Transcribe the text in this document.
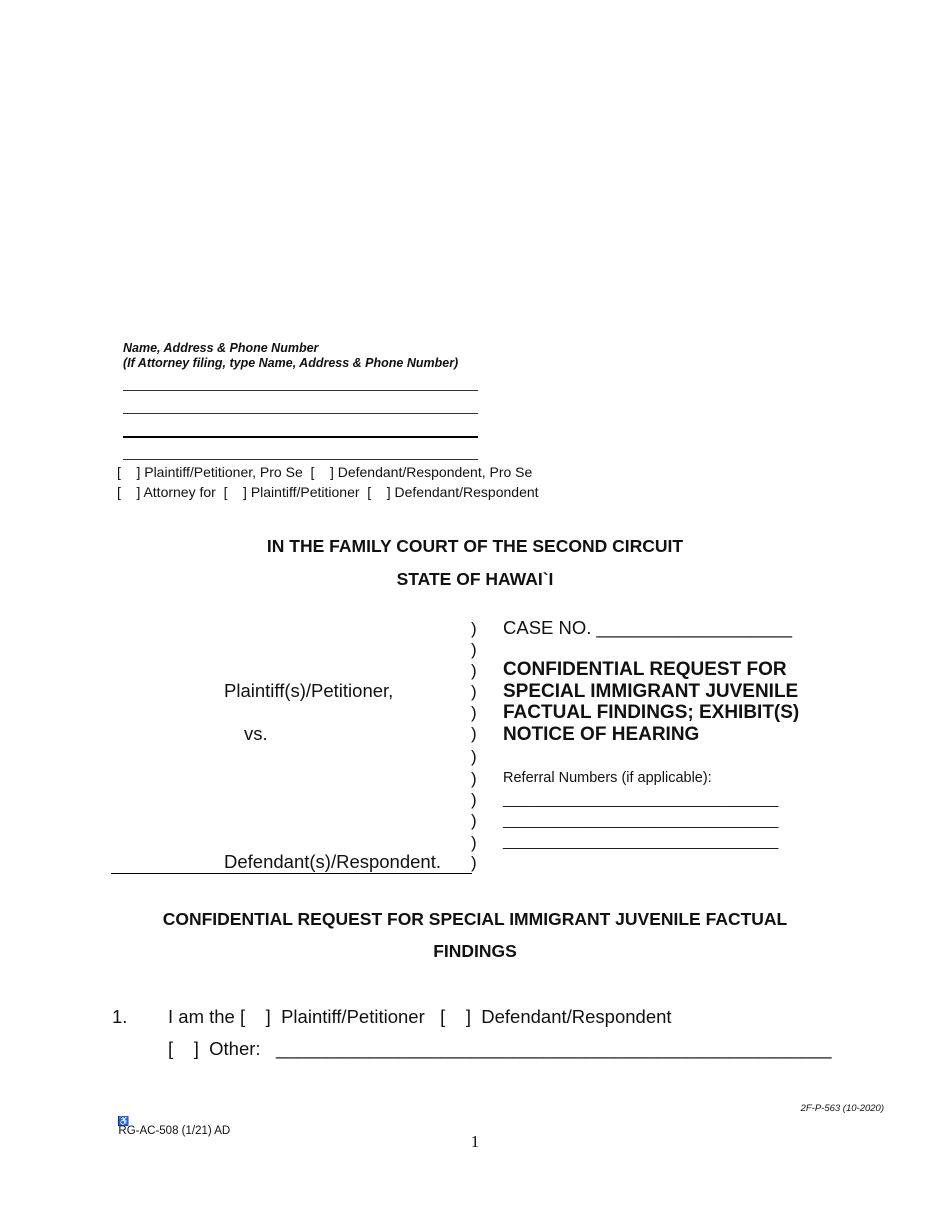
Name, Address & Phone Number
(If Attorney filing, type Name, Address & Phone Number)
[    ] Plaintiff/Petitioner, Pro Se  [    ] Defendant/Respondent, Pro Se
[    ] Attorney for  [    ] Plaintiff/Petitioner  [    ] Defendant/Respondent
IN THE FAMILY COURT OF THE SECOND CIRCUIT
STATE OF HAWAI`I
)
)
)
)
)
)
)
)
)
)
)
)
Plaintiff(s)/Petitioner,
vs.
Defendant(s)/Respondent.
CASE NO. ___________________
CONFIDENTIAL REQUEST FOR
SPECIAL IMMIGRANT JUVENILE
FACTUAL FINDINGS; EXHIBIT(S)
NOTICE OF HEARING
Referral Numbers (if applicable):
_________________________________
_________________________________
_________________________________
CONFIDENTIAL REQUEST FOR SPECIAL IMMIGRANT JUVENILE FACTUAL
FINDINGS
1. I am the [    ]  Plaintiff/Petitioner   [    ]  Defendant/Respondent
[    ]  Other:   ______________________________________________________

♿
RG-AC-508 (1/21) AD

2F-P-563 (10-2020)
1
